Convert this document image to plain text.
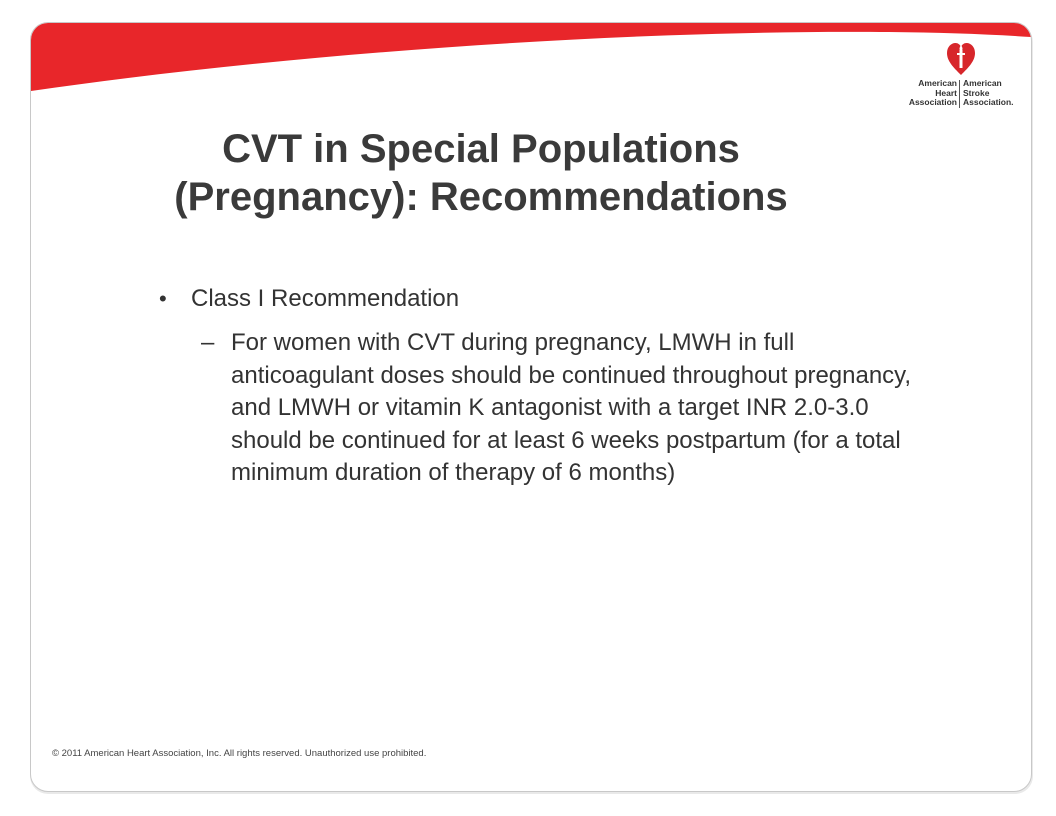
American
Heart
Association
American
Stroke
Association.
CVT in Special Populations
(Pregnancy): Recommendations
• Class I Recommendation
– For women with CVT during pregnancy, LMWH in full anticoagulant doses should be continued throughout pregnancy, and LMWH or vitamin K antagonist with a target INR 2.0-3.0 should be continued for at least 6 weeks postpartum (for a total minimum duration of therapy of 6 months)
© 2011 American Heart Association, Inc. All rights reserved. Unauthorized use prohibited.
